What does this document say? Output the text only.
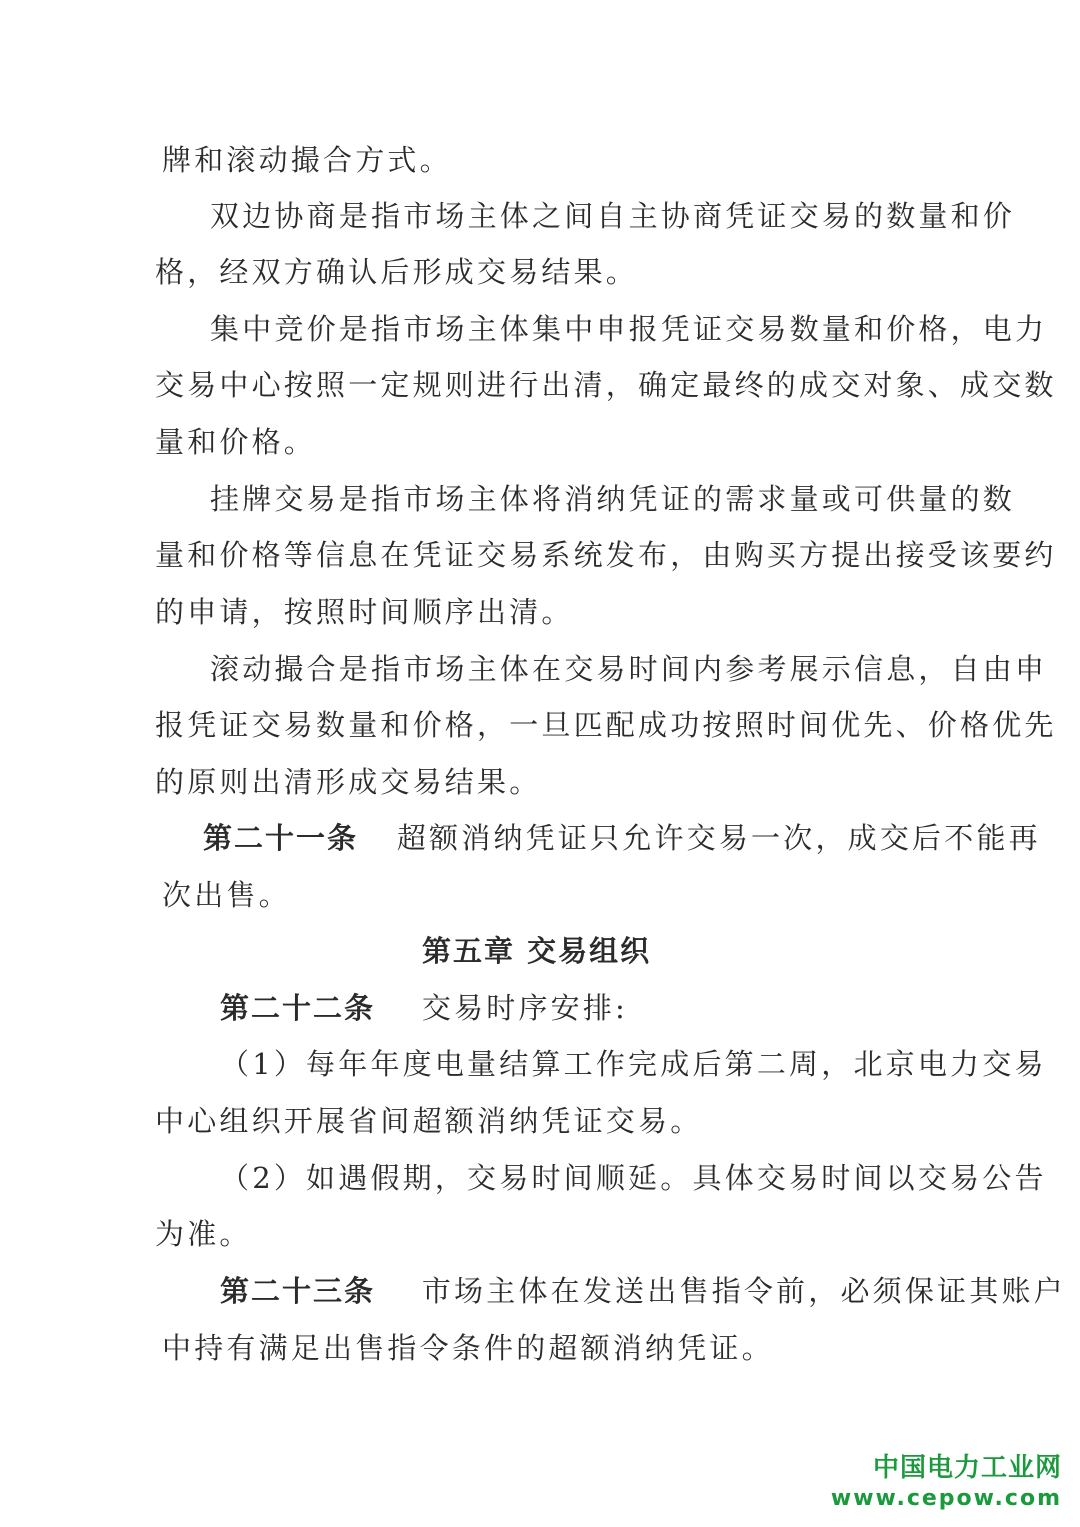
牌和滚动撮合方式。
双边协商是指市场主体之间自主协商凭证交易的数量和价
格，经双方确认后形成交易结果。
集中竞价是指市场主体集中申报凭证交易数量和价格，电力
交易中心按照一定规则进行出清，确定最终的成交对象、成交数
量和价格。
挂牌交易是指市场主体将消纳凭证的需求量或可供量的数
量和价格等信息在凭证交易系统发布，由购买方提出接受该要约
的申请，按照时间顺序出清。
滚动撮合是指市场主体在交易时间内参考展示信息，自由申
报凭证交易数量和价格，一旦匹配成功按照时间优先、价格优先
的原则出清形成交易结果。
第二十一条 超额消纳凭证只允许交易一次，成交后不能再
次出售。
第五章 交易组织
第二十二条 交易时序安排:
（1）每年年度电量结算工作完成后第二周，北京电力交易
中心组织开展省间超额消纳凭证交易。
（2）如遇假期，交易时间顺延。具体交易时间以交易公告
为准。
第二十三条 市场主体在发送出售指令前，必须保证其账户
中持有满足出售指令条件的超额消纳凭证。
中国电力工业网
www.cepow.com
